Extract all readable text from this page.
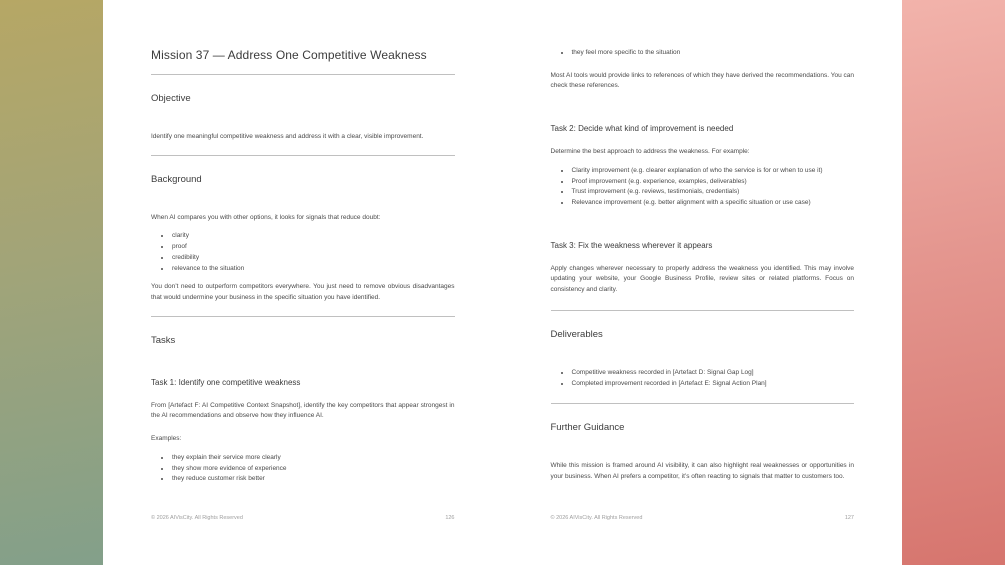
Mission 37 — Address One Competitive Weakness
Objective

Identify one meaningful competitive weakness and address it with a clear, visible improvement.

Background

When AI compares you with other options, it looks for signals that reduce doubt:

• clarity
• proof
• credibility
• relevance to the situation

You don’t need to outperform competitors everywhere. You just need to remove obvious disadvantages that would undermine your business in the specific situation you have identified.

Tasks
Task 1: Identify one competitive weakness

From [Artefact F: AI Competitive Context Snapshot], identify the key competitors that appear strongest in the AI recommendations and observe how they influence AI.

Examples:

• they explain their service more clearly
• they show more evidence of experience
• they reduce customer risk better
© 2026 AIVisCity. All Rights Reserved	126
• they feel more specific to the situation

Most AI tools would provide links to references of which they have derived the recommendations. You can check these references.

Task 2: Decide what kind of improvement is needed

Determine the best approach to address the weakness. For example:

• Clarity improvement (e.g. clearer explanation of who the service is for or when to use it)
• Proof improvement (e.g. experience, examples, deliverables)
• Trust improvement (e.g. reviews, testimonials, credentials)
• Relevance improvement (e.g. better alignment with a specific situation or use case)
Task 3: Fix the weakness wherever it appears

Apply changes wherever necessary to properly address the weakness you identified. This may involve updating your website, your Google Business Profile, review sites or related platforms. Focus on consistency and clarity.

Deliverables
• Competitive weakness recorded in [Artefact D: Signal Gap Log]
• Completed improvement recorded in [Artefact E: Signal Action Plan]
Further Guidance

While this mission is framed around AI visibility, it can also highlight real weaknesses or opportunities in your business. When AI prefers a competitor, it’s often reacting to signals that matter to customers too.

© 2026 AIVisCity. All Rights Reserved	127
